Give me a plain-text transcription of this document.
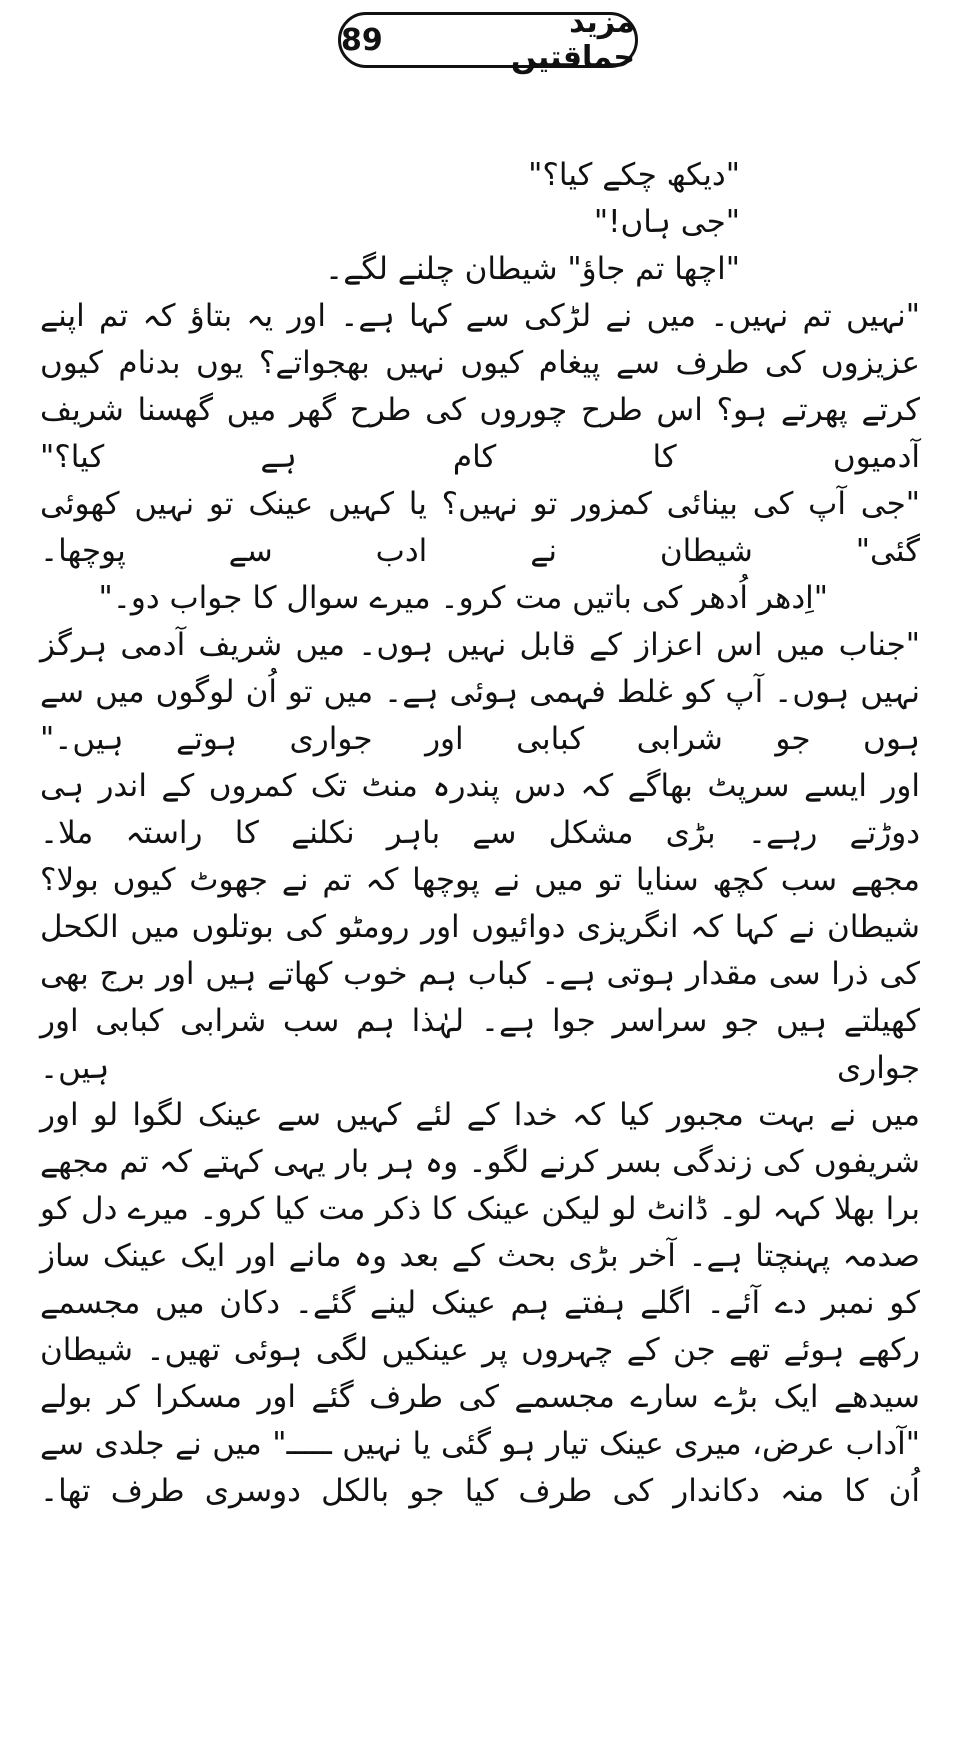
89	مزید حماقتیں

"دیکھ چکے کیا؟"

"جی ہاں!"

"اچھا تم جاؤ" شیطان چلنے لگے۔

"نہیں تم نہیں۔ میں نے لڑکی سے کہا ہے۔ اور یہ بتاؤ کہ تم اپنے عزیزوں کی طرف سے پیغام کیوں نہیں بھجواتے؟ یوں بدنام کیوں کرتے پھرتے ہو؟ اس طرح چوروں کی طرح گھر میں گھسنا شریف آدمیوں کا کام ہے کیا؟"

"جی آپ کی بینائی کمزور تو نہیں؟ یا کہیں عینک تو نہیں کھوئی گئی" شیطان نے ادب سے پوچھا۔

"اِدھر اُدھر کی باتیں مت کرو۔ میرے سوال کا جواب دو۔"

"جناب میں اس اعزاز کے قابل نہیں ہوں۔ میں شریف آدمی ہرگز نہیں ہوں۔ آپ کو غلط فہمی ہوئی ہے۔ میں تو اُن لوگوں میں سے ہوں جو شرابی کبابی اور جواری ہوتے ہیں۔"

اور ایسے سرپٹ بھاگے کہ دس پندرہ منٹ تک کمروں کے اندر ہی دوڑتے رہے۔ بڑی مشکل سے باہر نکلنے کا راستہ ملا۔

مجھے سب کچھ سنایا تو میں نے پوچھا کہ تم نے جھوٹ کیوں بولا؟ شیطان نے کہا کہ انگریزی دوائیوں اور رومٹو کی بوتلوں میں الکحل کی ذرا سی مقدار ہوتی ہے۔ کباب ہم خوب کھاتے ہیں اور برج بھی کھیلتے ہیں جو سراسر جوا ہے۔ لہٰذا ہم سب شرابی کبابی اور جواری ہیں۔

میں نے بہت مجبور کیا کہ خدا کے لئے کہیں سے عینک لگوا لو اور شریفوں کی زندگی بسر کرنے لگو۔ وہ ہر بار یہی کہتے کہ تم مجھے برا بھلا کہہ لو۔ ڈانٹ لو لیکن عینک کا ذکر مت کیا کرو۔ میرے دل کو صدمہ پہنچتا ہے۔ آخر بڑی بحث کے بعد وہ مانے اور ایک عینک ساز کو نمبر دے آئے۔ اگلے ہفتے ہم عینک لینے گئے۔ دکان میں مجسمے رکھے ہوئے تھے جن کے چہروں پر عینکیں لگی ہوئی تھیں۔ شیطان سیدھے ایک بڑے سارے مجسمے کی طرف گئے اور مسکرا کر بولے "آداب عرض، میری عینک تیار ہو گئی یا نہیں ـــــ" میں نے جلدی سے اُن کا منہ دکاندار کی طرف کیا جو بالکل دوسری طرف تھا۔
